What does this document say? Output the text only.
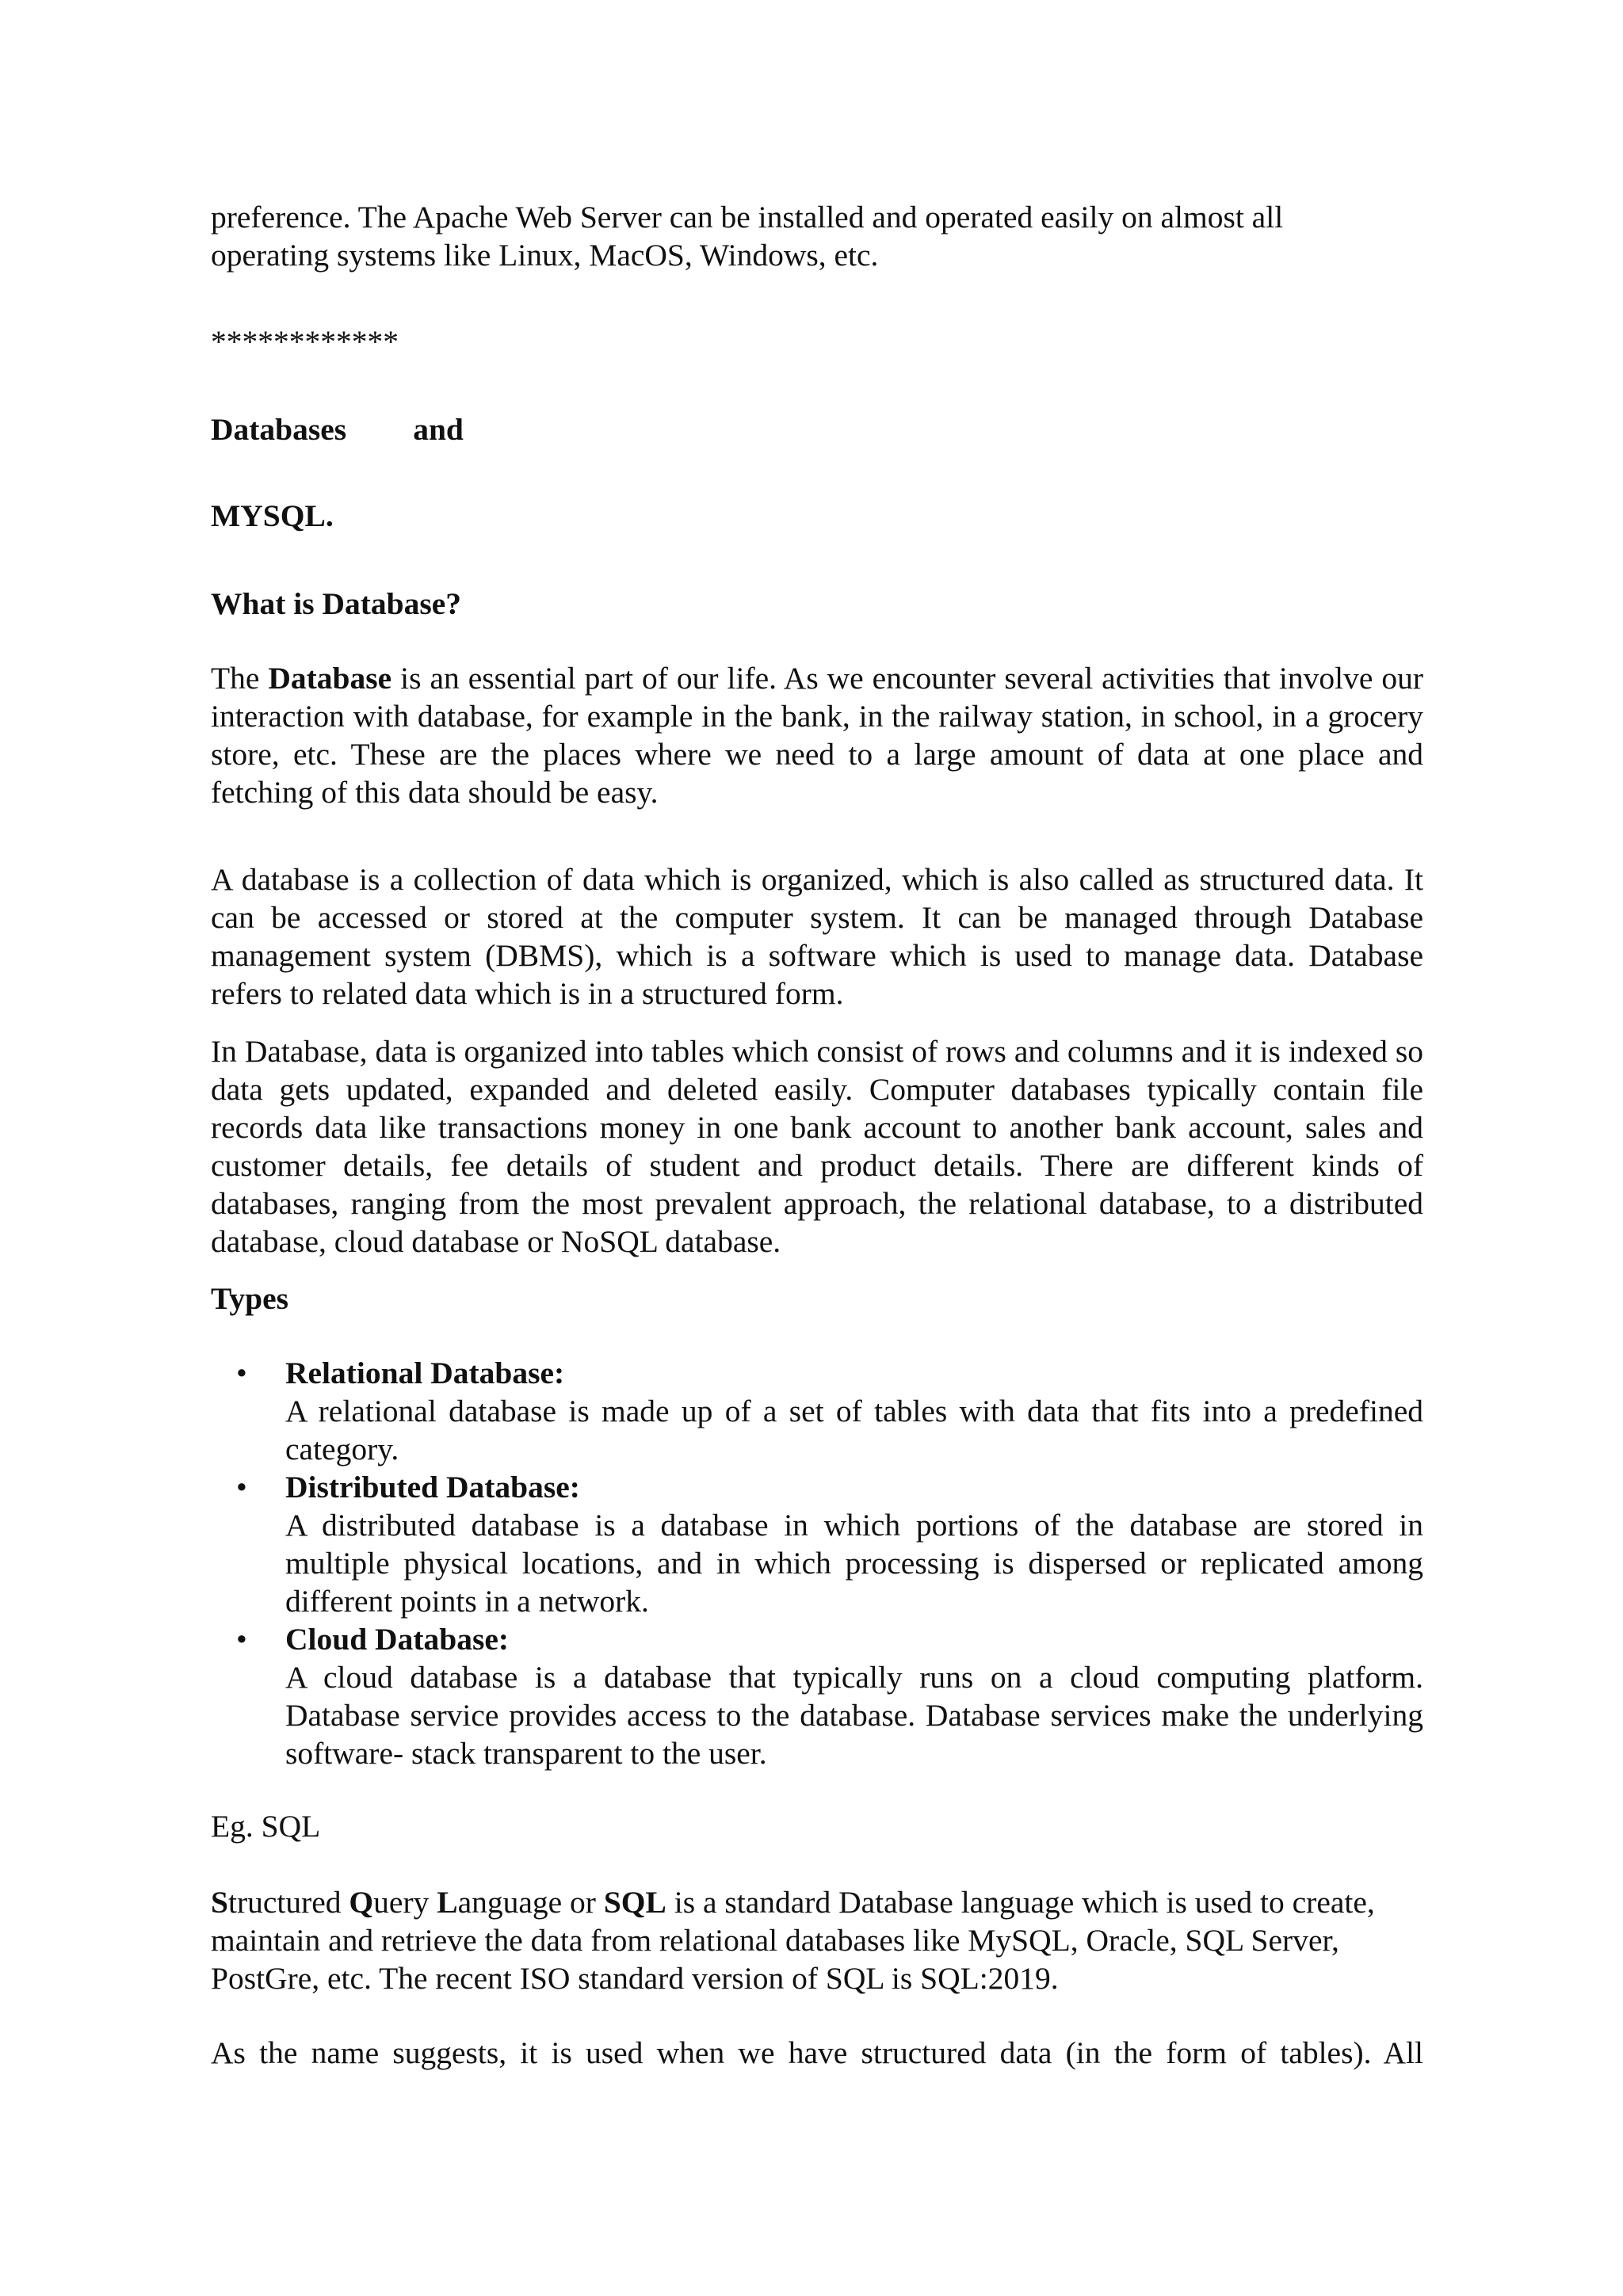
preference. The Apache Web Server can be installed and operated easily on almost all
operating systems like Linux, MacOS, Windows, etc.

************

Databases and

MYSQL.

What is Database?

The Database is an essential part of our life. As we encounter several activities that involve our interaction with database, for example in the bank, in the railway station, in school, in a grocery store, etc. These are the places where we need to a large amount of data at one place and fetching of this data should be easy.

A database is a collection of data which is organized, which is also called as structured data. It can be accessed or stored at the computer system. It can be managed through Database management system (DBMS), which is a software which is used to manage data. Database refers to related data which is in a structured form.

In Database, data is organized into tables which consist of rows and columns and it is indexed so data gets updated, expanded and deleted easily. Computer databases typically contain file records data like transactions money in one bank account to another bank account, sales and customer details, fee details of student and product details. There are different kinds of databases, ranging from the most prevalent approach, the relational database, to a distributed database, cloud database or NoSQL database.

Types

• Relational Database:
A relational database is made up of a set of tables with data that fits into a predefined category.
• Distributed Database:
A distributed database is a database in which portions of the database are stored in multiple physical locations, and in which processing is dispersed or replicated among different points in a network.
• Cloud Database:
A cloud database is a database that typically runs on a cloud computing platform. Database service provides access to the database. Database services make the underlying software- stack transparent to the user.

Eg. SQL

Structured Query Language or SQL is a standard Database language which is used to create, maintain and retrieve the data from relational databases like MySQL, Oracle, SQL Server, PostGre, etc. The recent ISO standard version of SQL is SQL:2019.

As the name suggests, it is used when we have structured data (in the form of tables). All
